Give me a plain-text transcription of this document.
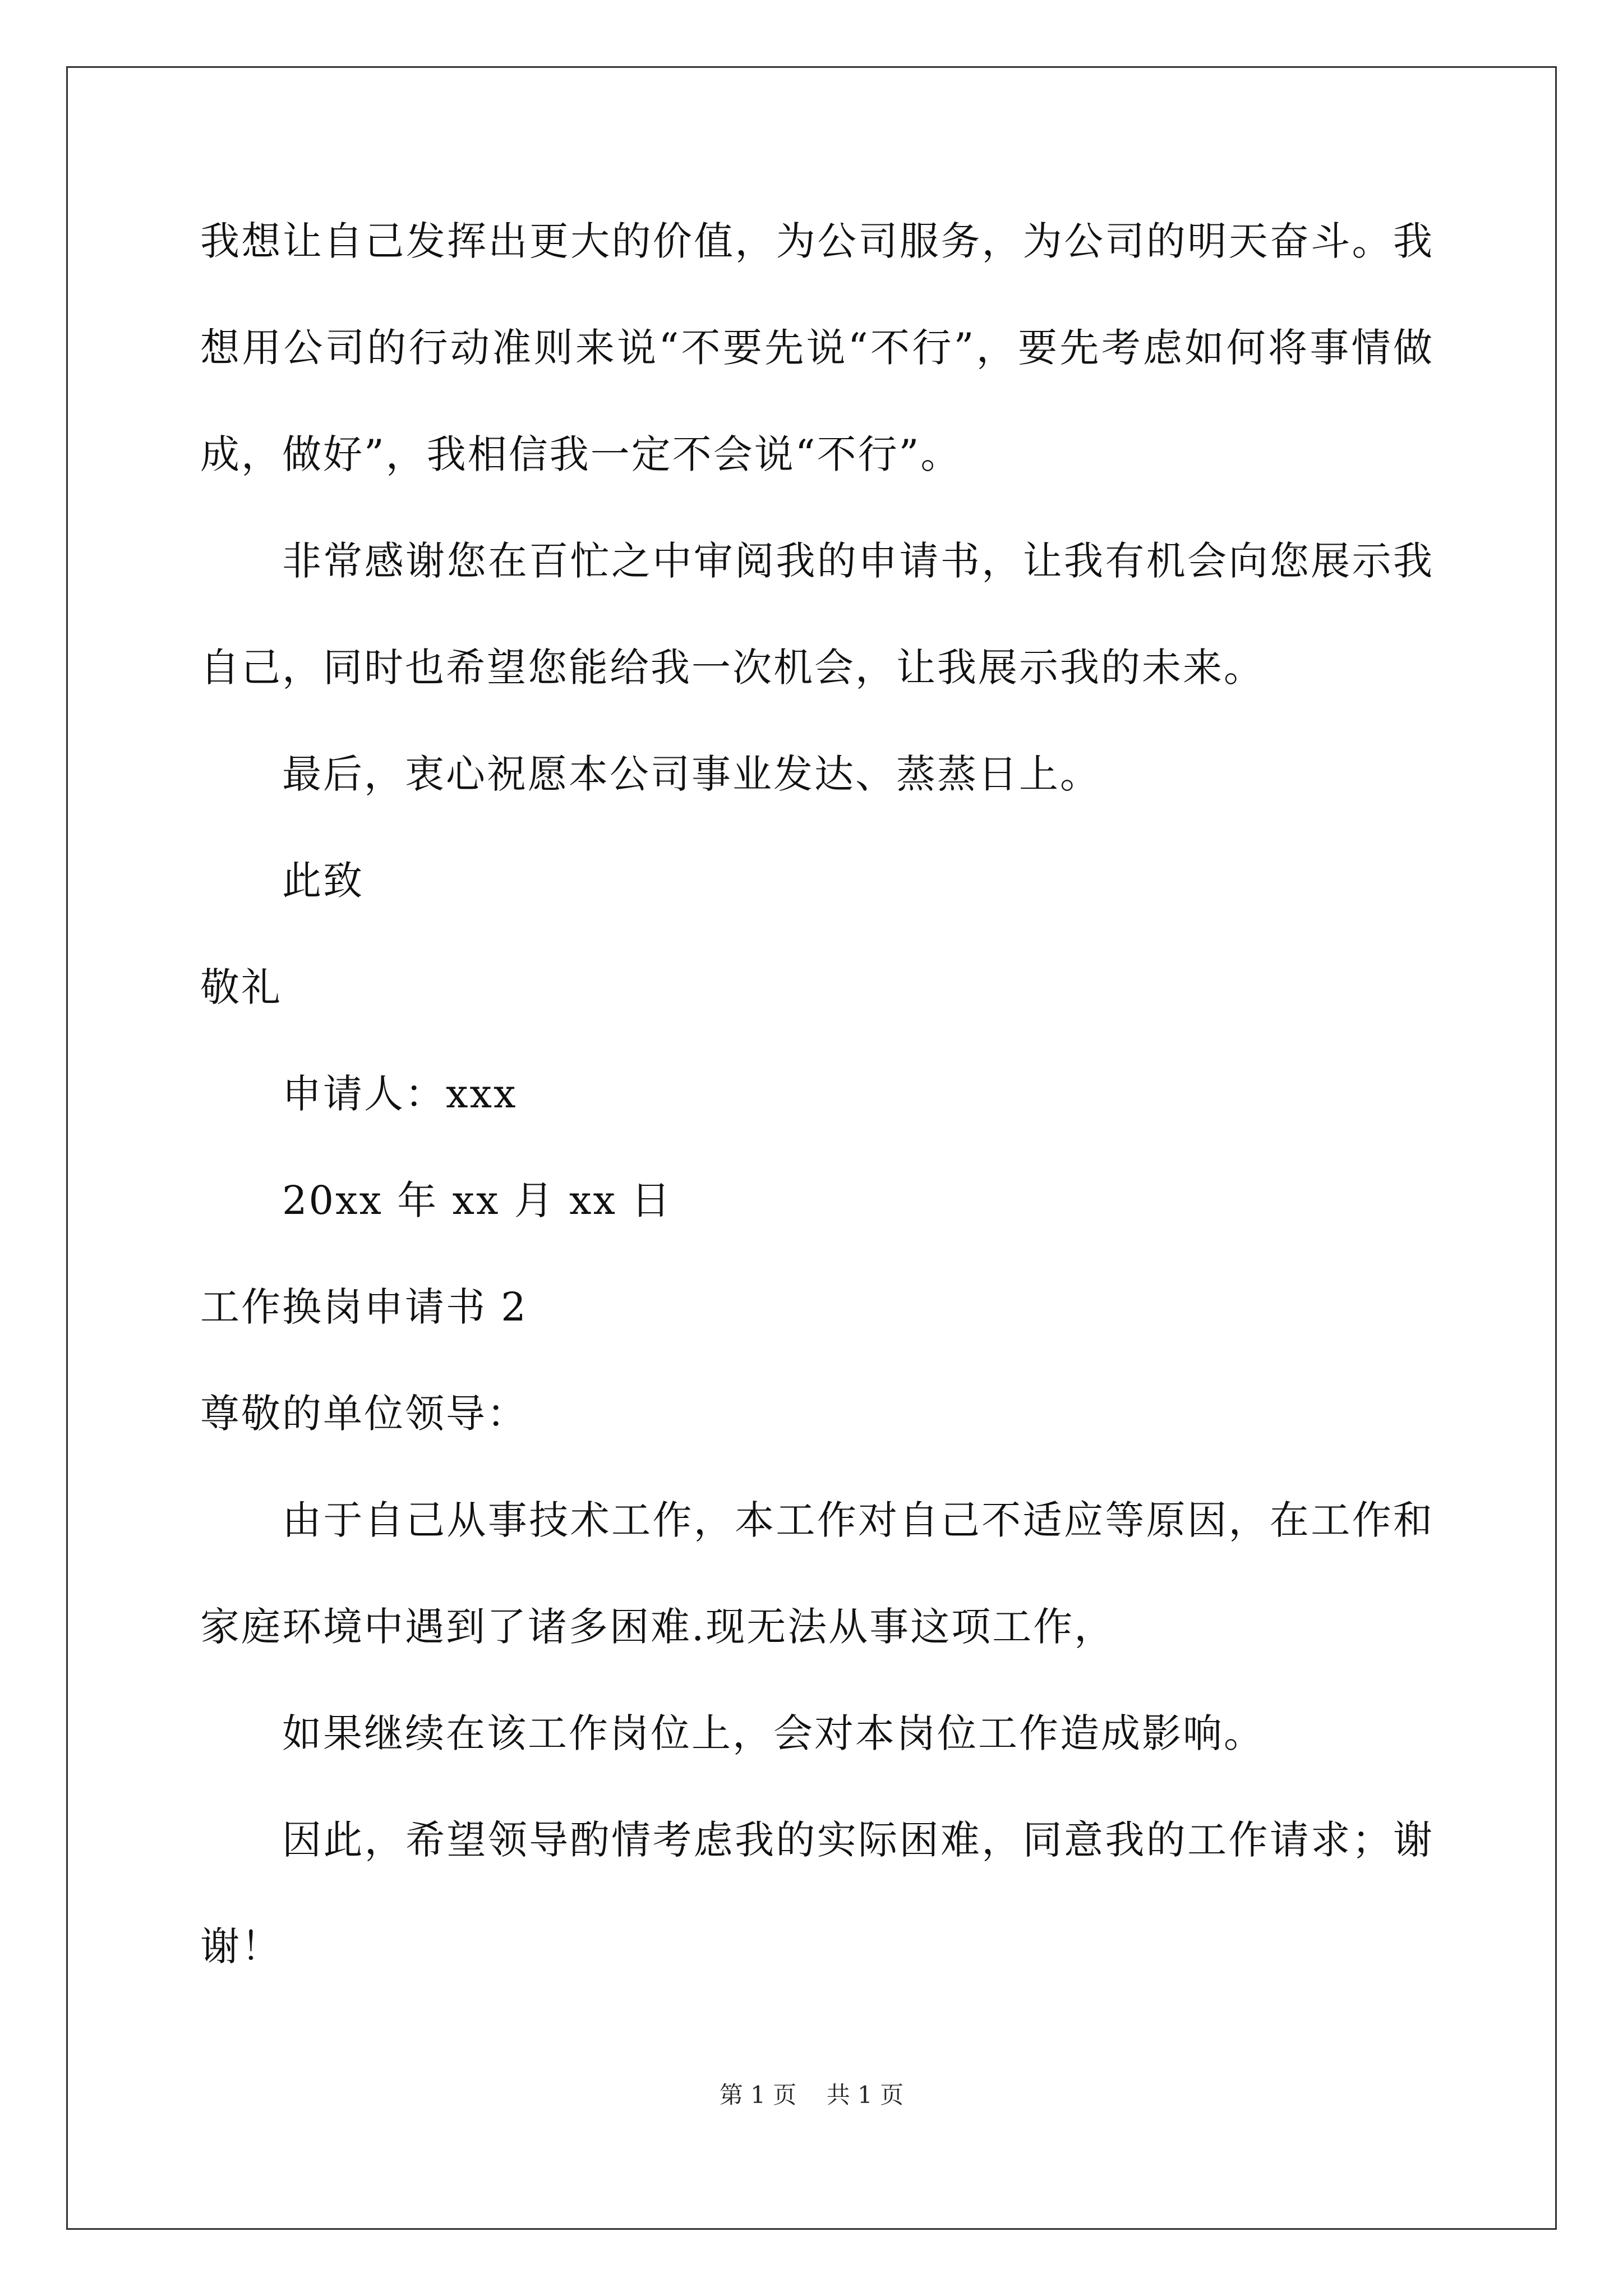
我想让自己发挥出更大的价值，为公司服务，为公司的明天奋斗。我
想用公司的行动准则来说“不要先说“不行”，要先考虑如何将事情做
成，做好”，我相信我一定不会说“不行”。
非常感谢您在百忙之中审阅我的申请书，让我有机会向您展示我
自己，同时也希望您能给我一次机会，让我展示我的未来。
最后，衷心祝愿本公司事业发达、蒸蒸日上。
此致
敬礼
申请人：xxx
20xx 年 xx 月 xx 日
工作换岗申请书 2
尊敬的单位领导：
由于自己从事技术工作，本工作对自己不适应等原因，在工作和
家庭环境中遇到了诸多困难.现无法从事这项工作，
如果继续在该工作岗位上，会对本岗位工作造成影响。
因此，希望领导酌情考虑我的实际困难，同意我的工作请求；谢
谢！
第 1 页    共 1 页
